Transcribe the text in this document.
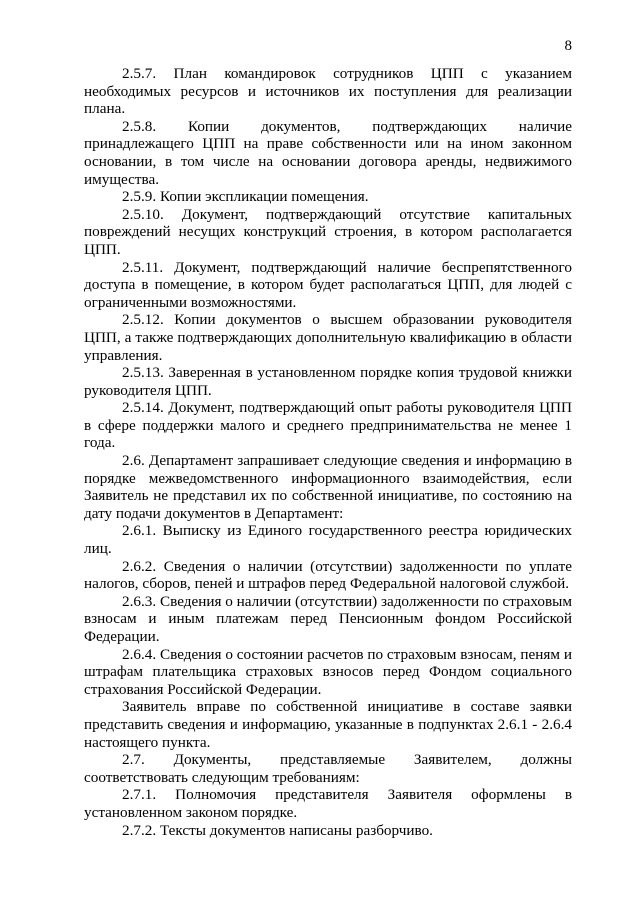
8

2.5.7. План командировок сотрудников ЦПП с указанием необходимых ресурсов и источников их поступления для реализации плана.

2.5.8. Копии документов, подтверждающих наличие принадлежащего ЦПП на праве собственности или на ином законном основании, в том числе на основании договора аренды, недвижимого имущества.

2.5.9. Копии экспликации помещения.

2.5.10. Документ, подтверждающий отсутствие капитальных повреждений несущих конструкций строения, в котором располагается ЦПП.

2.5.11. Документ, подтверждающий наличие беспрепятственного доступа в помещение, в котором будет располагаться ЦПП, для людей с ограниченными возможностями.

2.5.12. Копии документов о высшем образовании руководителя ЦПП, а также подтверждающих дополнительную квалификацию в области управления.

2.5.13. Заверенная в установленном порядке копия трудовой книжки руководителя ЦПП.

2.5.14. Документ, подтверждающий опыт работы руководителя ЦПП в сфере поддержки малого и среднего предпринимательства не менее 1 года.

2.6. Департамент запрашивает следующие сведения и информацию в порядке межведомственного информационного взаимодействия, если Заявитель не представил их по собственной инициативе, по состоянию на дату подачи документов в Департамент:

2.6.1. Выписку из Единого государственного реестра юридических лиц.

2.6.2. Сведения о наличии (отсутствии) задолженности по уплате налогов, сборов, пеней и штрафов перед Федеральной налоговой службой.

2.6.3. Сведения о наличии (отсутствии) задолженности по страховым взносам и иным платежам перед Пенсионным фондом Российской Федерации.

2.6.4. Сведения о состоянии расчетов по страховым взносам, пеням и штрафам плательщика страховых взносов перед Фондом социального страхования Российской Федерации.

Заявитель вправе по собственной инициативе в составе заявки представить сведения и информацию, указанные в подпунктах 2.6.1 - 2.6.4 настоящего пункта.

2.7. Документы, представляемые Заявителем, должны соответствовать следующим требованиям:

2.7.1. Полномочия представителя Заявителя оформлены в установленном законом порядке.

2.7.2. Тексты документов написаны разборчиво.
